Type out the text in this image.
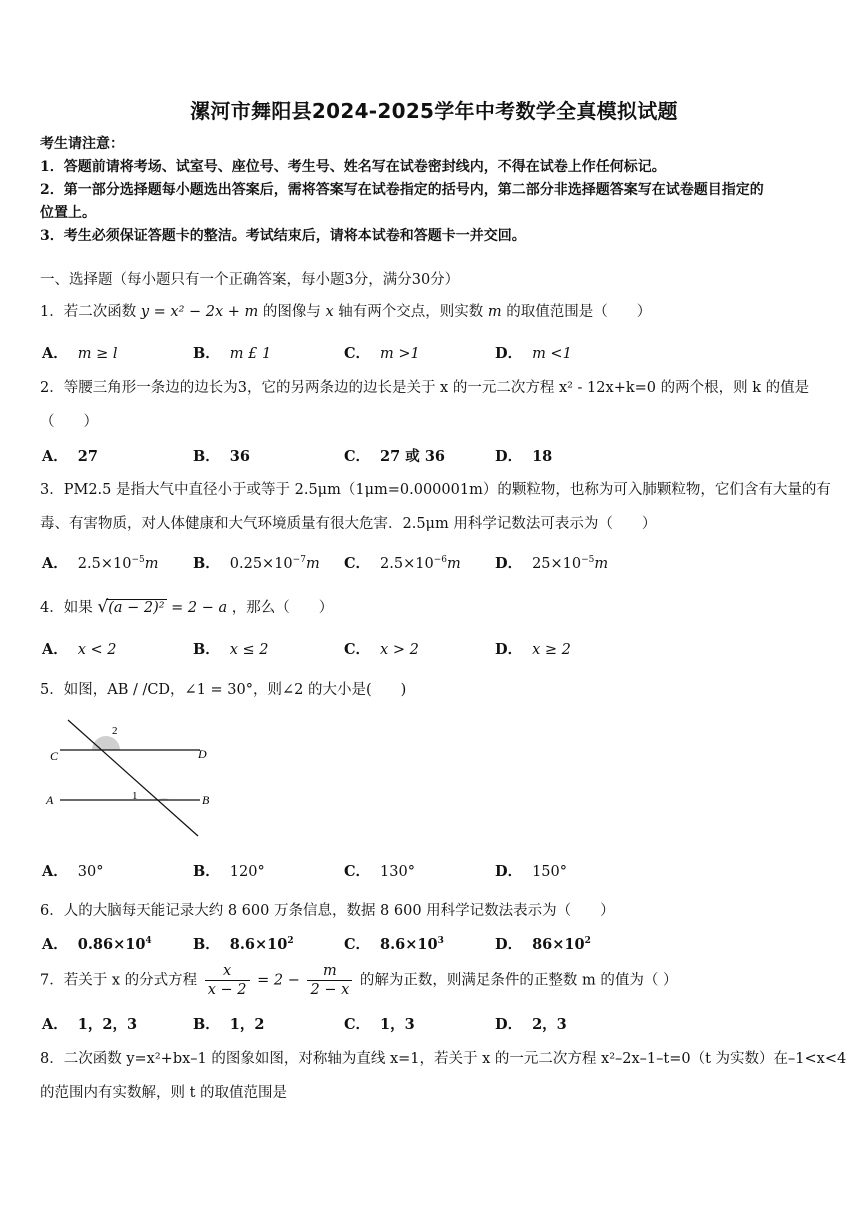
漯河市舞阳县2024-2025学年中考数学全真模拟试题
考生请注意：
1．答题前请将考场、试室号、座位号、考生号、姓名写在试卷密封线内，不得在试卷上作任何标记。
2．第一部分选择题每小题选出答案后，需将答案写在试卷指定的括号内，第二部分非选择题答案写在试卷题目指定的
位置上。
3．考生必须保证答题卡的整洁。考试结束后，请将本试卷和答题卡一并交回。
一、选择题（每小题只有一个正确答案，每小题3分，满分30分）
1．若二次函数 y = x² − 2x + m 的图像与 x 轴有两个交点，则实数 m 的取值范围是（　　）
A． m ≥ l	B． m £ 1	C． m >1	D． m <1
2．等腰三角形一条边的边长为3，它的另两条边的边长是关于 x 的一元二次方程 x² - 12x+k=0 的两个根，则 k 的值是
（　　）
A． 27	B． 36	C． 27 或 36	D． 18
3．PM2.5 是指大气中直径小于或等于 2.5μm（1μm=0.000001m）的颗粒物，也称为可入肺颗粒物，它们含有大量的有
毒、有害物质，对人体健康和大气环境质量有很大危害．2.5μm 用科学记数法可表示为（　　）
A． $2.5\times 10^{-5}m$ B． $0.25\times 10^{-7}m$ C． $2.5\times 10^{-6}m$ D． $25\times 10^{-5}m$
4．如果 √(a − 2)² = 2 − a ，那么（　　）
A． x < 2	B． x ≤ 2	C． x > 2	D． x ≥ 2
5．如图，AB / /CD，∠1 = 30°，则∠2 的大小是(　　)
C	D
A	B
1
2
A． 30°	B． 120°	C． 130°	D． 150°
6．人的大脑每天能记录大约 8 600 万条信息，数据 8 600 用科学记数法表示为（　　）
A． $0.86\times 10^4$	B． $8.6\times 10^2$	C． $8.6\times 10^3$	D． $86\times 10^2$
7．若关于 x 的分式方程 $\frac{x}{x - 2} = 2 - \frac{m}{2 - x}$ 的解为正数，则满足条件的正整数 m 的值为（ ）
A． 1，2，3	B． 1，2	C． 1，3	D． 2，3
8．二次函数 y=x²+bx–1 的图象如图，对称轴为直线 x=1，若关于 x 的一元二次方程 x²–2x–1–t=0（t 为实数）在–1<x<4
的范围内有实数解，则 t 的取值范围是
